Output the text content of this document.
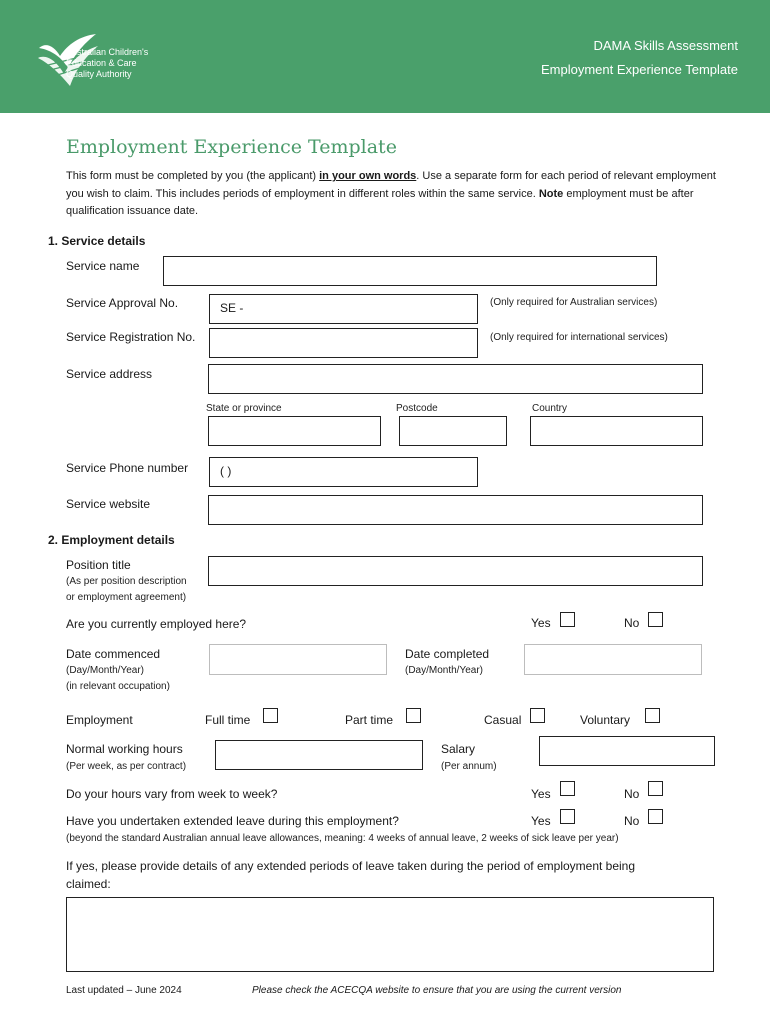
Australian Children's
Education & Care
Quality Authority
DAMA Skills Assessment
Employment Experience Template
Employment Experience Template
This form must be completed by you (the applicant) in your own words. Use a separate form for each period of relevant employment you wish to claim. This includes periods of employment in different roles within the same service. Note employment must be after qualification issuance date.
1. Service details
Service name
Service Approval No.	SE -	(Only required for Australian services)
Service Registration No.	(Only required for international services)
Service address
State or province	Postcode	Country
Service Phone number	( )
Service website
2. Employment details
Position title
(As per position description
or employment agreement)
Are you currently employed here?	Yes	No
Date commenced
(Day/Month/Year)
(in relevant occupation)
Date completed
(Day/Month/Year)
Employment	Full time	Part time	Casual	Voluntary
Normal working hours
(Per week, as per contract)
Salary
(Per annum)
Do your hours vary from week to week?	Yes	No
Have you undertaken extended leave during this employment?	Yes	No
(beyond the standard Australian annual leave allowances, meaning: 4 weeks of annual leave, 2 weeks of sick leave per year)
If yes, please provide details of any extended periods of leave taken during the period of employment being
claimed:
Last updated – June 2024	Please check the ACECQA website to ensure that you are using the current version
